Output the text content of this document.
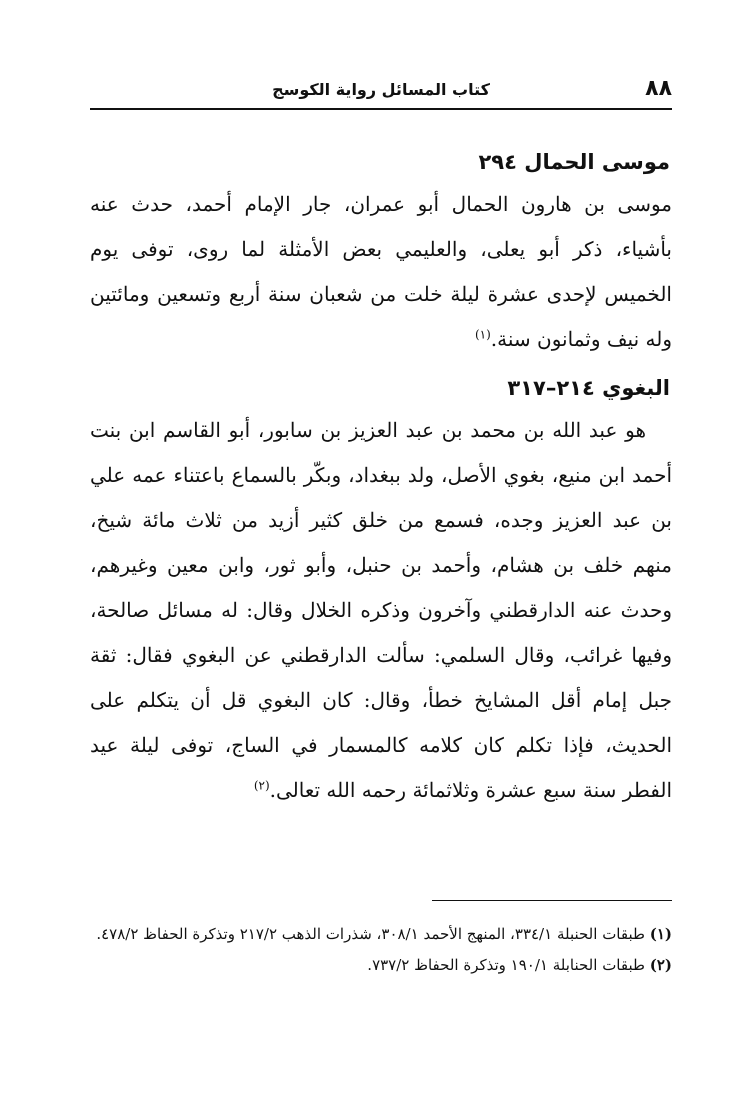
٨٨
كتاب المسائل رواية الكوسج
موسى الحمال ٢٩٤

موسى بن هارون الحمال أبو عمران، جار الإمام أحمد، حدث عنه بأشياء، ذكر أبو يعلى، والعليمي بعض الأمثلة لما روى، توفى يوم الخميس لإحدى عشرة ليلة خلت من شعبان سنة أربع وتسعين ومائتين وله نيف وثمانون سنة.$^{(١)}$

البغوي ٢١٤–٣١٧

هو عبد الله بن محمد بن عبد العزيز بن سابور، أبو القاسم ابن بنت أحمد ابن منيع، بغوي الأصل، ولد ببغداد، وبكّر بالسماع باعتناء عمه علي بن عبد العزيز وجده، فسمع من خلق كثير أزيد من ثلاث مائة شيخ، منهم خلف بن هشام، وأحمد بن حنبل، وأبو ثور، وابن معين وغيرهم، وحدث عنه الدارقطني وآخرون وذكره الخلال وقال: له مسائل صالحة، وفيها غرائب، وقال السلمي: سألت الدارقطني عن البغوي فقال: ثقة جبل إمام أقل المشايخ خطأ، وقال: كان البغوي قل أن يتكلم على الحديث، فإذا تكلم كان كلامه كالمسمار في الساج، توفى ليلة عيد الفطر سنة سبع عشرة وثلاثمائة رحمه الله تعالى.$^{(٢)}$

(١) طبقات الحنبلة ٣٣٤/١، المنهج الأحمد ٣٠٨/١، شذرات الذهب ٢١٧/٢ وتذكرة الحفاظ ٤٧٨/٢.

(٢) طبقات الحنابلة ١٩٠/١ وتذكرة الحفاظ ٧٣٧/٢.
